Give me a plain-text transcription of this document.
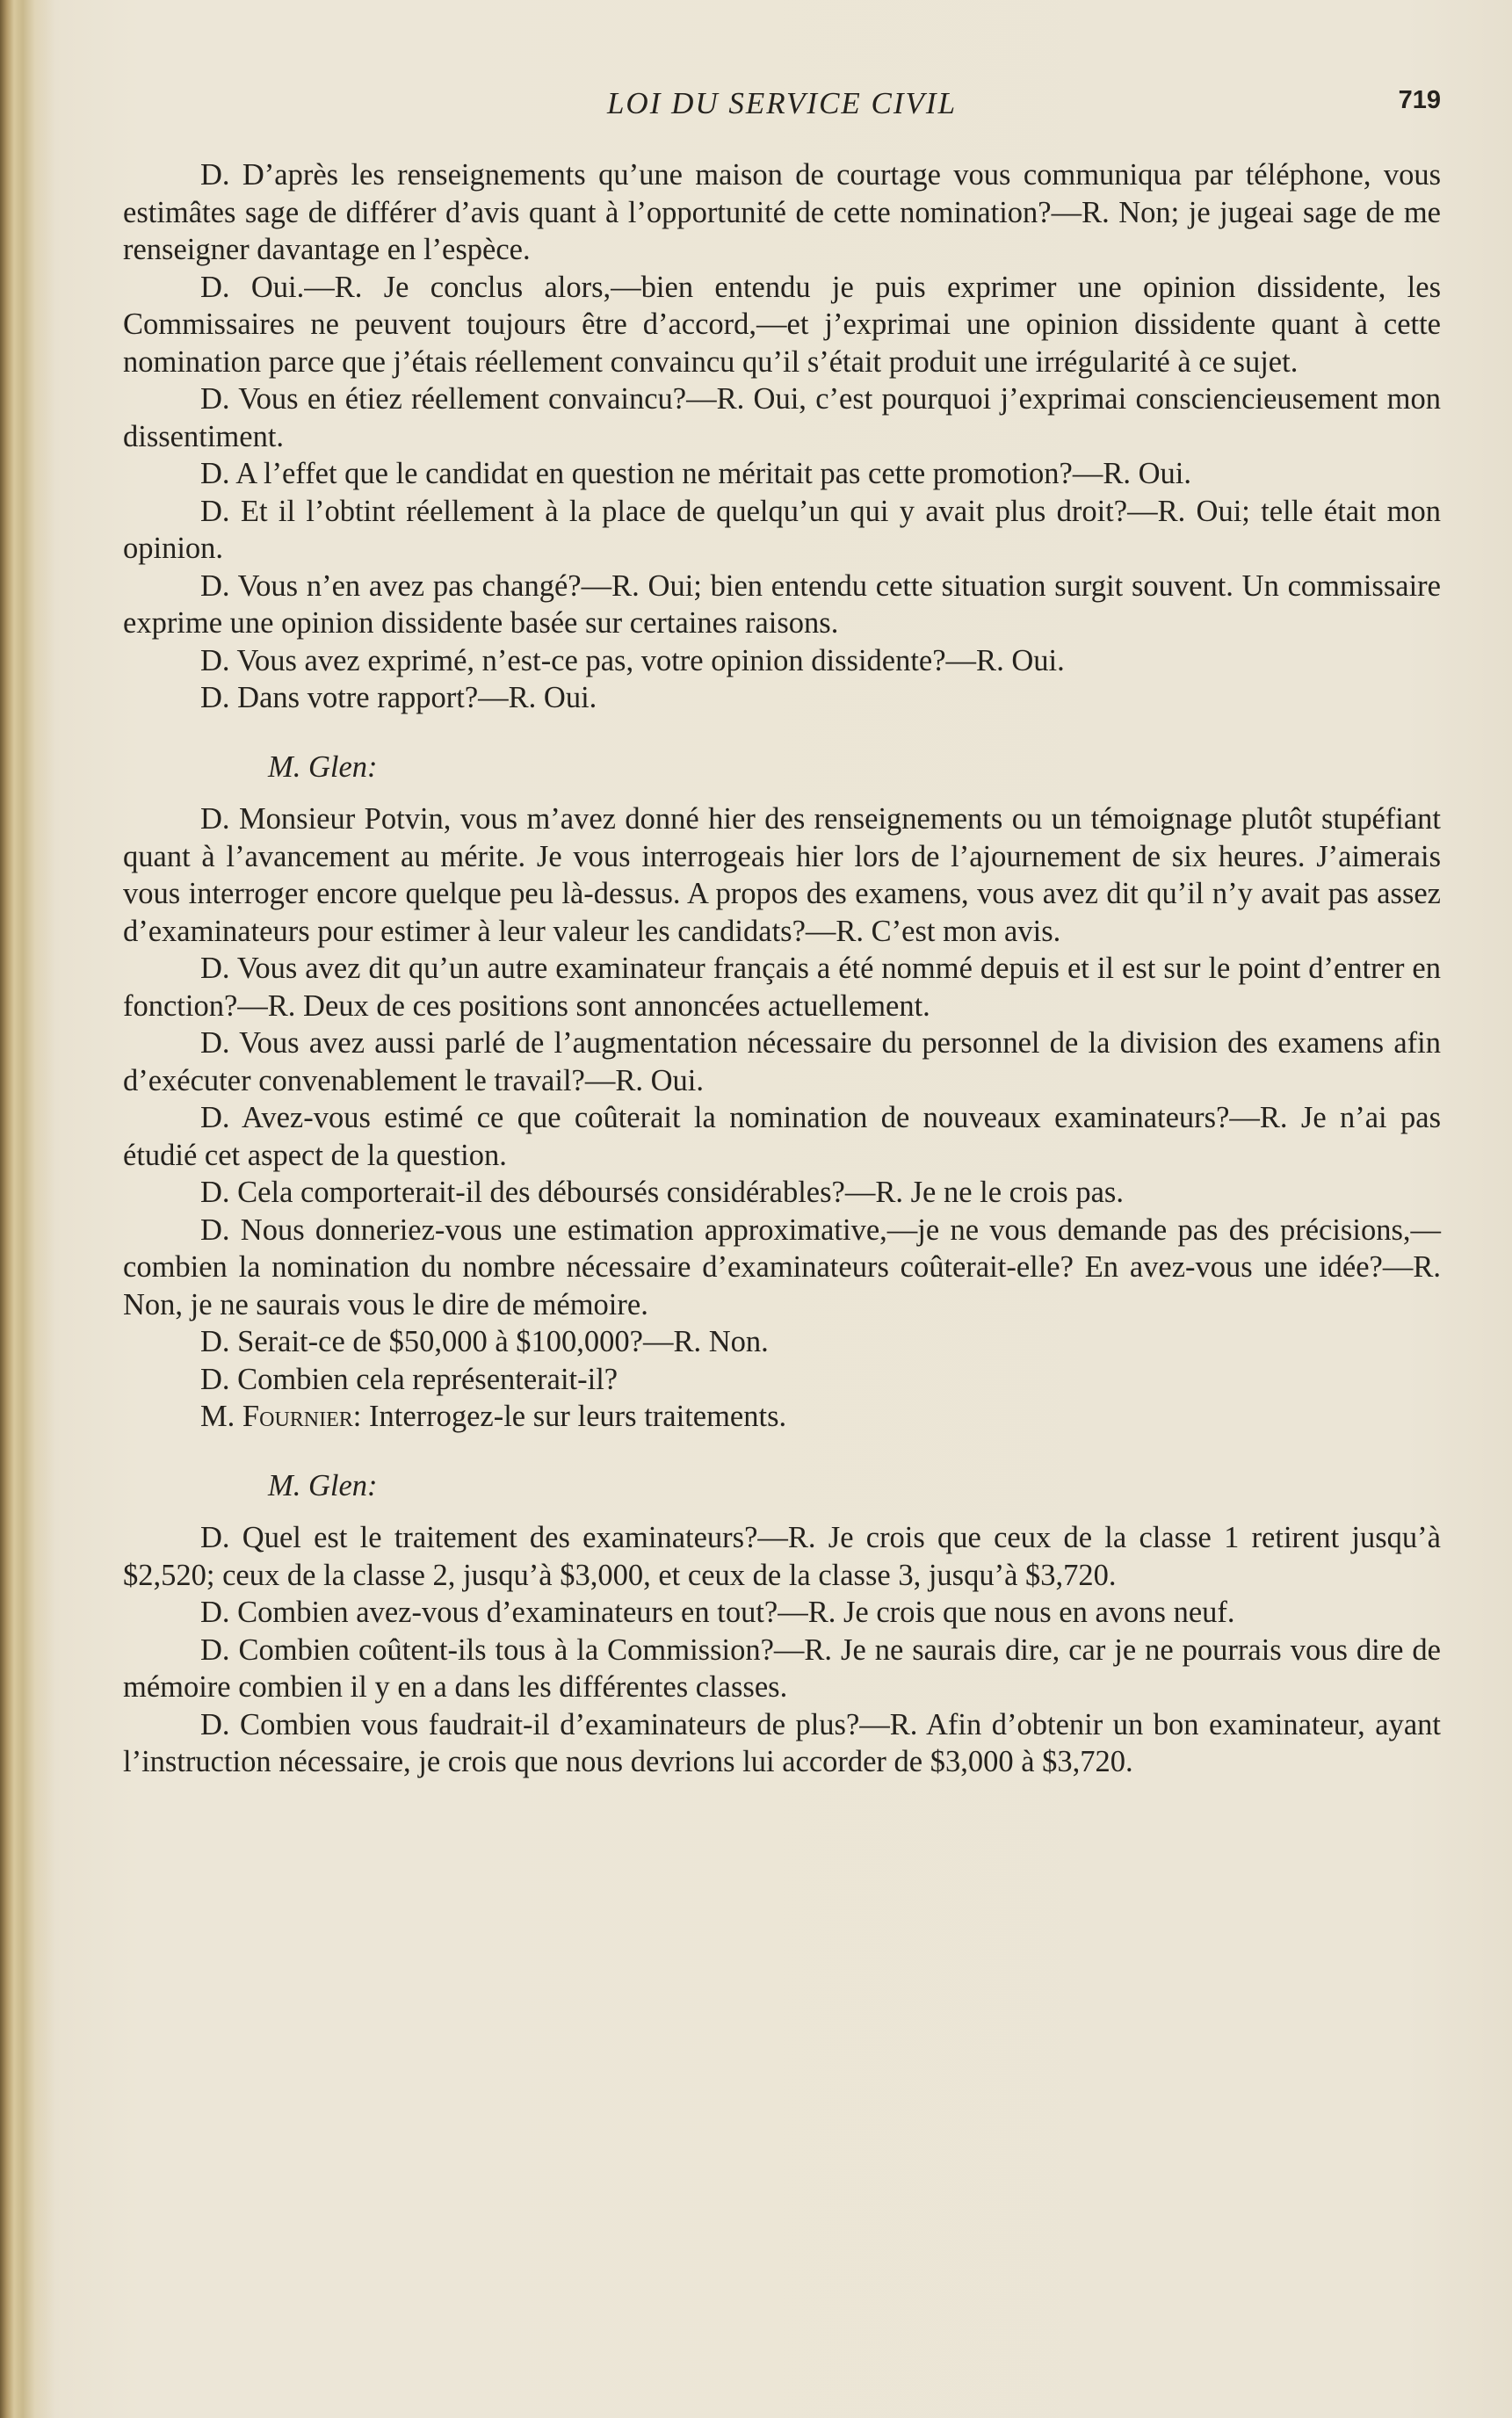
LOI DU SERVICE CIVIL	719

D. D’après les renseignements qu’une maison de courtage vous communiqua par téléphone, vous estimâtes sage de différer d’avis quant à l’opportunité de cette nomination?—R. Non; je jugeai sage de me renseigner davantage en l’espèce.

D. Oui.—R. Je conclus alors,—bien entendu je puis exprimer une opinion dissidente, les Commissaires ne peuvent toujours être d’accord,—et j’exprimai une opinion dissidente quant à cette nomination parce que j’étais réellement convaincu qu’il s’était produit une irrégularité à ce sujet.

D. Vous en étiez réellement convaincu?—R. Oui, c’est pourquoi j’exprimai consciencieusement mon dissentiment.

D. A l’effet que le candidat en question ne méritait pas cette promotion?—R. Oui.

D. Et il l’obtint réellement à la place de quelqu’un qui y avait plus droit?—R. Oui; telle était mon opinion.

D. Vous n’en avez pas changé?—R. Oui; bien entendu cette situation surgit souvent. Un commissaire exprime une opinion dissidente basée sur certaines raisons.

D. Vous avez exprimé, n’est-ce pas, votre opinion dissidente?—R. Oui.

D. Dans votre rapport?—R. Oui.

M. Glen:

D. Monsieur Potvin, vous m’avez donné hier des renseignements ou un témoignage plutôt stupéfiant quant à l’avancement au mérite. Je vous interrogeais hier lors de l’ajournement de six heures. J’aimerais vous interroger encore quelque peu là-dessus. A propos des examens, vous avez dit qu’il n’y avait pas assez d’examinateurs pour estimer à leur valeur les candidats?—R. C’est mon avis.

D. Vous avez dit qu’un autre examinateur français a été nommé depuis et il est sur le point d’entrer en fonction?—R. Deux de ces positions sont annoncées actuellement.

D. Vous avez aussi parlé de l’augmentation nécessaire du personnel de la division des examens afin d’exécuter convenablement le travail?—R. Oui.

D. Avez-vous estimé ce que coûterait la nomination de nouveaux examinateurs?—R. Je n’ai pas étudié cet aspect de la question.

D. Cela comporterait-il des déboursés considérables?—R. Je ne le crois pas.

D. Nous donneriez-vous une estimation approximative,—je ne vous demande pas des précisions,—combien la nomination du nombre nécessaire d’examinateurs coûterait-elle? En avez-vous une idée?—R. Non, je ne saurais vous le dire de mémoire.

D. Serait-ce de $50,000 à $100,000?—R. Non.

D. Combien cela représenterait-il?

M. Fournier: Interrogez-le sur leurs traitements.

M. Glen:

D. Quel est le traitement des examinateurs?—R. Je crois que ceux de la classe 1 retirent jusqu’à $2,520; ceux de la classe 2, jusqu’à $3,000, et ceux de la classe 3, jusqu’à $3,720.

D. Combien avez-vous d’examinateurs en tout?—R. Je crois que nous en avons neuf.

D. Combien coûtent-ils tous à la Commission?—R. Je ne saurais dire, car je ne pourrais vous dire de mémoire combien il y en a dans les différentes classes.

D. Combien vous faudrait-il d’examinateurs de plus?—R. Afin d’obtenir un bon examinateur, ayant l’instruction nécessaire, je crois que nous devrions lui accorder de $3,000 à $3,720.
